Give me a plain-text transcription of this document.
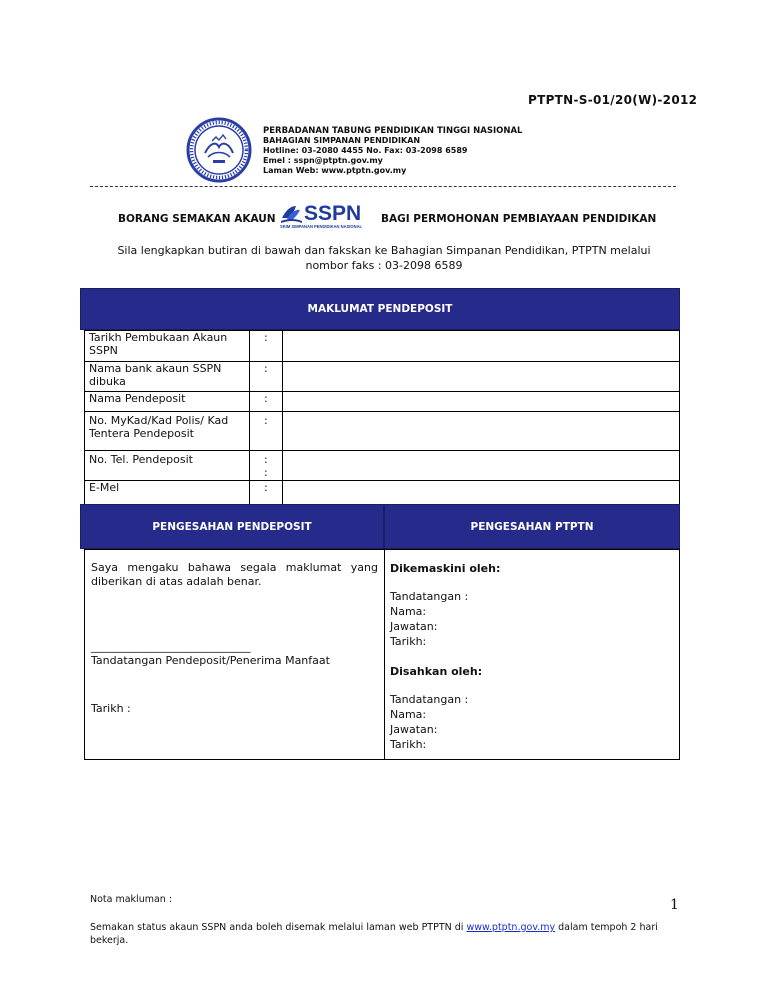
PTPTN-S-01/20(W)-2012
PERBADANAN TABUNG PENDIDIKAN TINGGI NASIONAL
BAHAGIAN SIMPANAN PENDIDIKAN
Hotline: 03-2080 4455 No. Fax: 03-2098 6589
Emel : sspn@ptptn.gov.my
Laman Web: www.ptptn.gov.my
BORANG SEMAKAN AKAUN SSPN
SKIM SIMPANAN PENDIDIKAN NASIONAL
BAGI PERMOHONAN PEMBIAYAAN PENDIDIKAN
Sila lengkapkan butiran di bawah dan fakskan ke Bahagian Simpanan Pendidikan, PTPTN melalui
nombor faks : 03-2098 6589
MAKLUMAT PENDEPOSIT
Tarikh Pembukaan Akaun SSPN	:	
Nama bank akaun SSPN dibuka	:	
Nama Pendeposit	:	
No. MyKad/Kad Polis/ Kad Tentera Pendeposit	:	
No. Tel. Pendeposit	:
:	
E-Mel	:	
PENGESAHAN PENDEPOSIT	PENGESAHAN PTPTN
Saya mengaku bahawa segala maklumat yang diberikan di atas adalah benar.
_____________________________
Tandatangan Pendeposit/Penerima Manfaat
Tarikh :
Dikemaskini oleh:
Tandatangan :
Nama:
Jawatan:
Tarikh:
Disahkan oleh:
Tandatangan :
Nama:
Jawatan:
Tarikh:
Nota makluman :	1
Semakan status akaun SSPN anda boleh disemak melalui laman web PTPTN di www.ptptn.gov.my dalam tempoh 2 hari bekerja.
